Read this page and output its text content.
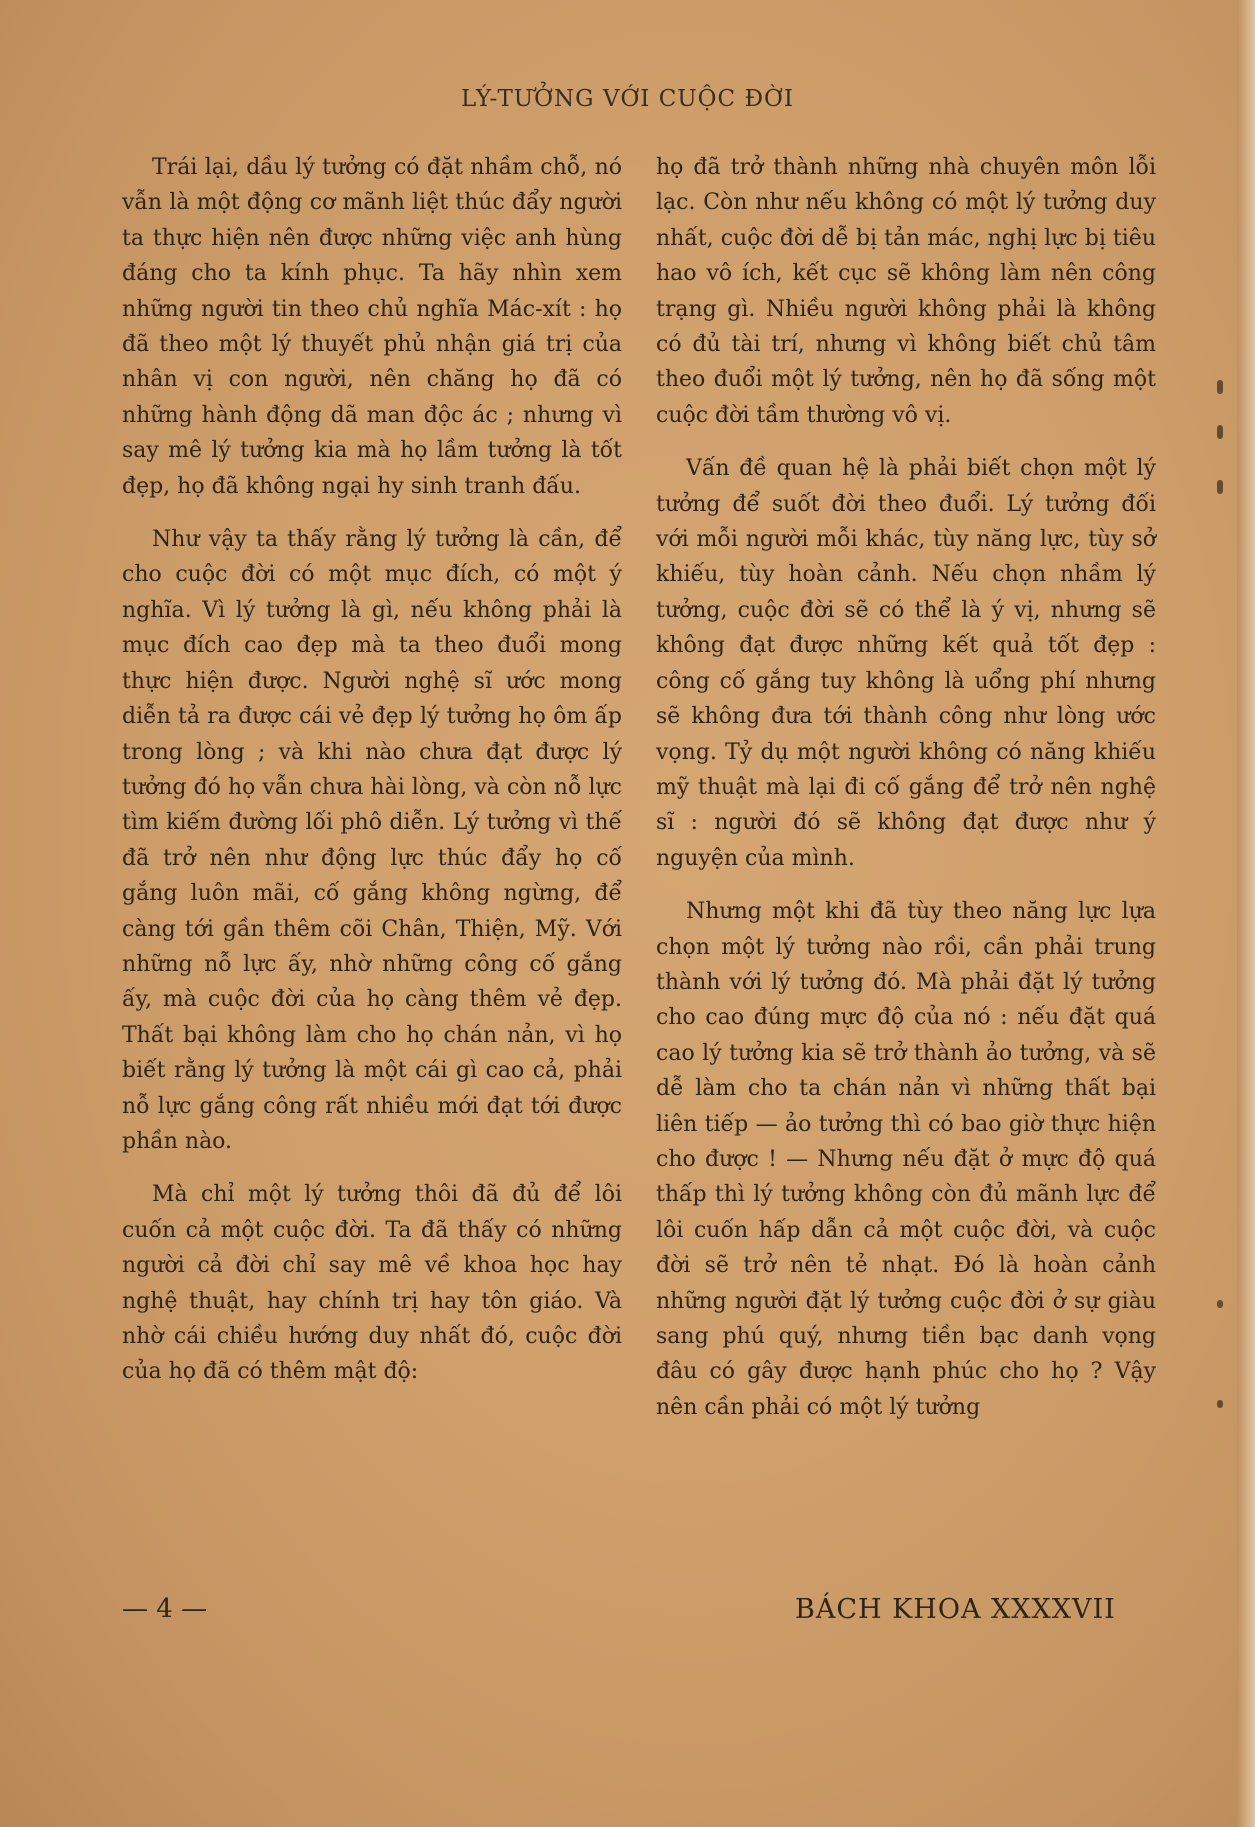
LÝ-TƯỞNG VỚI CUỘC ĐỜI

Trái lại, dầu lý tưởng có đặt nhầm chỗ, nó vẫn là một động cơ mãnh liệt thúc đẩy người ta thực hiện nên được những việc anh hùng đáng cho ta kính phục. Ta hãy nhìn xem những người tin theo chủ nghĩa Mác-xít : họ đã theo một lý thuyết phủ nhận giá trị của nhân vị con người, nên chăng họ đã có những hành động dã man độc ác ; nhưng vì say mê lý tưởng kia mà họ lầm tưởng là tốt đẹp, họ đã không ngại hy sinh tranh đấu.

Như vậy ta thấy rằng lý tưởng là cần, để cho cuộc đời có một mục đích, có một ý nghĩa. Vì lý tưởng là gì, nếu không phải là mục đích cao đẹp mà ta theo đuổi mong thực hiện được. Người nghệ sĩ ước mong diễn tả ra được cái vẻ đẹp lý tưởng họ ôm ấp trong lòng ; và khi nào chưa đạt được lý tưởng đó họ vẫn chưa hài lòng, và còn nỗ lực tìm kiếm đường lối phô diễn. Lý tưởng vì thế đã trở nên như động lực thúc đẩy họ cố gắng luôn mãi, cố gắng không ngừng, để càng tới gần thêm cõi Chân, Thiện, Mỹ. Với những nỗ lực ấy, nhờ những công cố gắng ấy, mà cuộc đời của họ càng thêm vẻ đẹp. Thất bại không làm cho họ chán nản, vì họ biết rằng lý tưởng là một cái gì cao cả, phải nỗ lực gắng công rất nhiều mới đạt tới được phần nào.

Mà chỉ một lý tưởng thôi đã đủ để lôi cuốn cả một cuộc đời. Ta đã thấy có những người cả đời chỉ say mê về khoa học hay nghệ thuật, hay chính trị hay tôn giáo. Và nhờ cái chiều hướng duy nhất đó, cuộc đời của họ đã có thêm mật độ:

họ đã trở thành những nhà chuyên môn lỗi lạc. Còn như nếu không có một lý tưởng duy nhất, cuộc đời dễ bị tản mác, nghị lực bị tiêu hao vô ích, kết cục sẽ không làm nên công trạng gì. Nhiều người không phải là không có đủ tài trí, nhưng vì không biết chủ tâm theo đuổi một lý tưởng, nên họ đã sống một cuộc đời tầm thường vô vị.

Vấn đề quan hệ là phải biết chọn một lý tưởng để suốt đời theo đuổi. Lý tưởng đối với mỗi người mỗi khác, tùy năng lực, tùy sở khiếu, tùy hoàn cảnh. Nếu chọn nhầm lý tưởng, cuộc đời sẽ có thể là ý vị, nhưng sẽ không đạt được những kết quả tốt đẹp : công cố gắng tuy không là uổng phí nhưng sẽ không đưa tới thành công như lòng ước vọng. Tỷ dụ một người không có năng khiếu mỹ thuật mà lại đi cố gắng để trở nên nghệ sĩ : người đó sẽ không đạt được như ý nguyện của mình.

Nhưng một khi đã tùy theo năng lực lựa chọn một lý tưởng nào rồi, cần phải trung thành với lý tưởng đó. Mà phải đặt lý tưởng cho cao đúng mực độ của nó : nếu đặt quá cao lý tưởng kia sẽ trở thành ảo tưởng, và sẽ dễ làm cho ta chán nản vì những thất bại liên tiếp — ảo tưởng thì có bao giờ thực hiện cho được ! — Nhưng nếu đặt ở mực độ quá thấp thì lý tưởng không còn đủ mãnh lực để lôi cuốn hấp dẫn cả một cuộc đời, và cuộc đời sẽ trở nên tẻ nhạt. Đó là hoàn cảnh những người đặt lý tưởng cuộc đời ở sự giàu sang phú quý, nhưng tiền bạc danh vọng đâu có gây được hạnh phúc cho họ ? Vậy nên cần phải có một lý tưởng

— 4 —	BÁCH KHOA XXXXVII
